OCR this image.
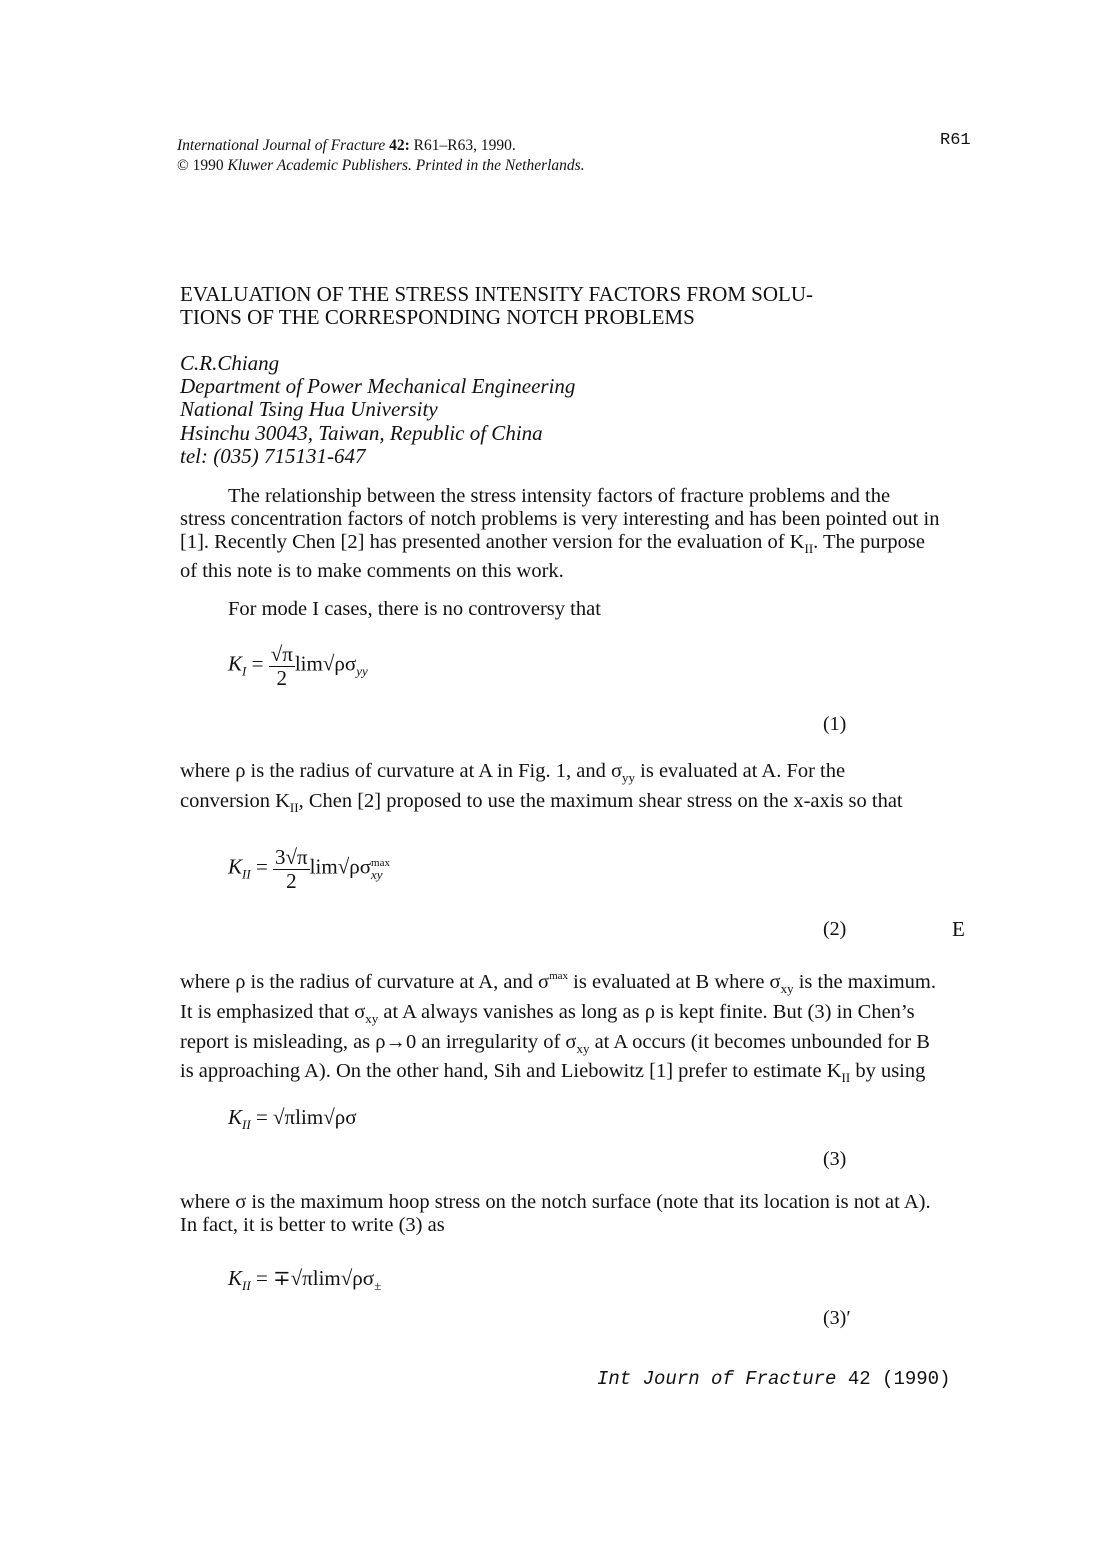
International Journal of Fracture 42: R61–R63, 1990.
© 1990 Kluwer Academic Publishers. Printed in the Netherlands.
R61
EVALUATION OF THE STRESS INTENSITY FACTORS FROM SOLU-
TIONS OF THE CORRESPONDING NOTCH PROBLEMS
C.R.Chiang
Department of Power Mechanical Engineering
National Tsing Hua University
Hsinchu 30043, Taiwan, Republic of China
tel: (035) 715131-647
The relationship between the stress intensity factors of fracture problems and the stress concentration factors of notch problems is very interesting and has been pointed out in [1]. Recently Chen [2] has presented another version for the evaluation of $K_{II}$. The purpose of this note is to make comments on this work.
For mode I cases, there is no controversy that
$K_I = \frac{√\pi}{2} \lim√\rho\sigma_{yy}$
(1)
where ρ is the radius of curvature at A in Fig. 1, and $\sigma_{yy}$ is evaluated at A. For the conversion $K_{II}$, Chen [2] proposed to use the maximum shear stress on the x-axis so that
$K_{II} = \frac{3√\pi}{2} \lim√\rho\sigma$ max
xy
(2)	E
where ρ is the radius of curvature at A, and $\sigma^{max}$ is evaluated at B where $\sigma_{xy}$ is the maximum. It is emphasized that $\sigma_{xy}$ at A always vanishes as long as ρ is kept finite. But (3) in Chen’s report is misleading, as ρ→0 an irregularity of $\sigma_{xy}$ at A occurs (it becomes unbounded for B is approaching A). On the other hand, Sih and Liebowitz [1] prefer to estimate $K_{II}$ by using
$K_{II} = √\pi\lim√\rho\sigma$
(3)
where σ is the maximum hoop stress on the notch surface (note that its location is not at A). In fact, it is better to write (3) as
$K_{II} = \mp√\pi\lim√\rho\sigma_\pm$
(3)′
Int Journ of Fracture 42 (1990)
